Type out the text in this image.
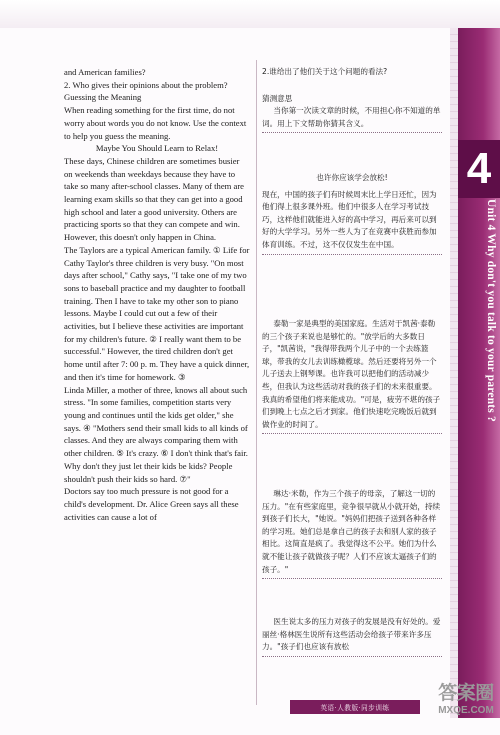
and American families?

2. Who gives their opinions about the problem?

Guessing the Meaning

When reading something for the first time, do not worry about words you do not know. Use the context to help you guess the meaning.

Maybe You Should Learn to Relax!

These days, Chinese children are sometimes busier on weekends than weekdays because they have to take so many after-school classes. Many of them are learning exam skills so that they can get into a good high school and later a good university. Others are practicing sports so that they can compete and win. However, this doesn't only happen in China.

The Taylors are a typical American family. ① Life for Cathy Taylor's three children is very busy. "On most days after school," Cathy says, "I take one of my two sons to baseball practice and my daughter to football training. Then I have to take my other son to piano lessons. Maybe I could cut out a few of their activities, but I believe these activities are important for my children's future. ② I really want them to be successful." However, the tired children don't get home until after 7: 00 p. m. They have a quick dinner, and then it's time for homework. ③

Linda Miller, a mother of three, knows all about such stress. "In some families, competition starts very young and continues until the kids get older," she says. ④ "Mothers send their small kids to all kinds of classes. And they are always comparing them with other children. ⑤ It's crazy. ⑥ I don't think that's fair. Why don't they just let their kids be kids? People shouldn't push their kids so hard. ⑦"

Doctors say too much pressure is not good for a child's development. Dr. Alice Green says all these activities can cause a lot of

2.谁给出了他们关于这个问题的看法?

猜测意思

当你第一次读文章的时候，不用担心你不知道的单词。用上下文帮助你猜其含义。

也许你应该学会放松!

现在，中国的孩子们有时候周末比上学日还忙，因为他们得上很多课外班。他们中很多人在学习考试技巧，这样他们就能进入好的高中学习，再后来可以到好的大学学习。另外一些人为了在竞赛中获胜而参加体育训练。不过，这不仅仅发生在中国。

泰勒一家是典型的美国家庭。生活对于凯茜·泰勒的三个孩子来说也是够忙的。"放学后的大多数日子，"凯茜说，"我得带我两个儿子中的一个去练篮球，带我的女儿去训练橄榄球。然后还要将另外一个儿子送去上钢琴课。也许我可以把他们的活动减少些，但我认为这些活动对我的孩子们的未来很重要。我真的希望他们将来能成功。"可是，疲劳不堪的孩子们到晚上七点之后才到家。他们快速吃完晚饭后就到做作业的时间了。

琳达·米勒，作为三个孩子的母亲，了解这一切的压力。"在有些家庭里，竞争很早就从小就开始，持续到孩子们长大，"她说。"妈妈们把孩子送到各种各样的学习班。她们总是拿自己的孩子去和别人家的孩子相比。这简直是疯了。我觉得这不公平。她们为什么就不能让孩子就做孩子呢？人们不应该太逼孩子们的孩子。"

医生说太多的压力对孩子的发展是没有好处的。爱丽丝·格林医生说所有这些活动会给孩子带来许多压力。"孩子们也应该有放松

4
Unit 4 Why don't you talk to your parents ?
英语·人教版·同步训练
答案圈
MXQE.COM
